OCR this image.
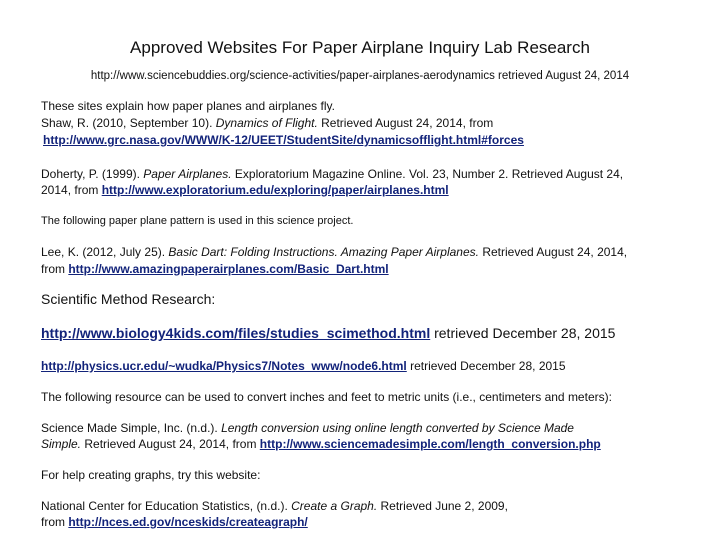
Approved Websites For Paper Airplane Inquiry Lab Research
http://www.sciencebuddies.org/science-activities/paper-airplanes-aerodynamics retrieved August 24, 2014
These sites explain how paper planes and airplanes fly.
Shaw, R. (2010, September 10). Dynamics of Flight. Retrieved August 24, 2014, from
http://www.grc.nasa.gov/WWW/K-12/UEET/StudentSite/dynamicsofflight.html#forces
Doherty, P. (1999). Paper Airplanes. Exploratorium Magazine Online. Vol. 23, Number 2. Retrieved August 24,
2014, from http://www.exploratorium.edu/exploring/paper/airplanes.html
The following paper plane pattern is used in this science project.
Lee, K. (2012, July 25). Basic Dart: Folding Instructions. Amazing Paper Airplanes. Retrieved August 24, 2014,
from http://www.amazingpaperairplanes.com/Basic_Dart.html
Scientific Method Research:
http://www.biology4kids.com/files/studies_scimethod.html retrieved December 28, 2015
http://physics.ucr.edu/~wudka/Physics7/Notes_www/node6.html retrieved December 28, 2015
The following resource can be used to convert inches and feet to metric units (i.e., centimeters and meters):
Science Made Simple, Inc. (n.d.). Length conversion using online length converted by Science Made
Simple. Retrieved August 24, 2014, from http://www.sciencemadesimple.com/length_conversion.php
For help creating graphs, try this website:
National Center for Education Statistics, (n.d.). Create a Graph. Retrieved June 2, 2009,
from http://nces.ed.gov/nceskids/createagraph/
